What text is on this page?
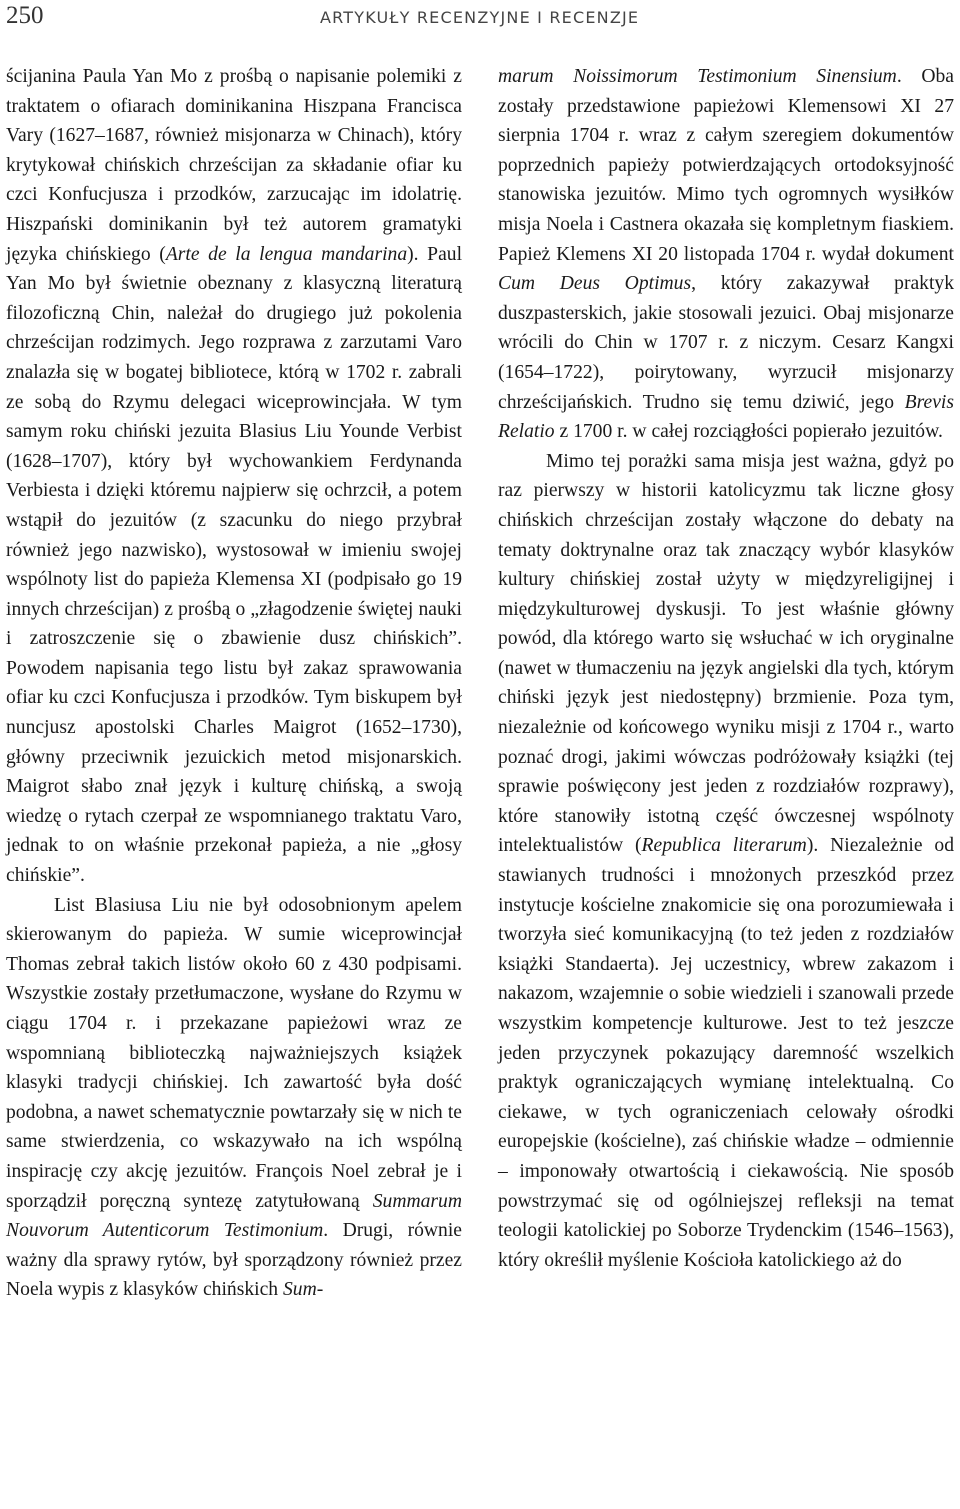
250	ARTYKUŁY RECENZYJNE I RECENZJE

ścijanina Paula Yan Mo z prośbą o napisanie polemiki z traktatem o ofiarach dominikanina Hiszpana Francisca Vary (1627–1687, również misjonarza w Chinach), który krytykował chińskich chrześcijan za składanie ofiar ku czci Konfucjusza i przodków, zarzucając im idolatrię. Hiszpański dominikanin był też autorem gramatyki języka chińskiego (Arte de la lengua mandarina). Paul Yan Mo był świetnie obeznany z klasyczną literaturą filozoficzną Chin, należał do drugiego już pokolenia chrześcijan rodzimych. Jego rozprawa z zarzutami Varo znalazła się w bogatej bibliotece, którą w 1702 r. zabrali ze sobą do Rzymu delegaci wiceprowincjała. W tym samym roku chiński jezuita Blasius Liu Younde Verbist (1628–1707), który był wychowankiem Ferdynanda Verbiesta i dzięki któremu najpierw się ochrzcił, a potem wstąpił do jezuitów (z szacunku do niego przybrał również jego nazwisko), wystosował w imieniu swojej wspólnoty list do papieża Klemensa XI (podpisało go 19 innych chrześcijan) z prośbą o „złagodzenie świętej nauki i zatroszczenie się o zbawienie dusz chińskich”. Powodem napisania tego listu był zakaz sprawowania ofiar ku czci Konfucjusza i przodków. Tym biskupem był nuncjusz apostolski Charles Maigrot (1652–1730), główny przeciwnik jezuickich metod misjonarskich. Maigrot słabo znał język i kulturę chińską, a swoją wiedzę o rytach czerpał ze wspomnianego traktatu Varo, jednak to on właśnie przekonał papieża, a nie „głosy chińskie”.

List Blasiusa Liu nie był odosobnionym apelem skierowanym do papieża. W sumie wiceprowincjał Thomas zebrał takich listów około 60 z 430 podpisami. Wszystkie zostały przetłumaczone, wysłane do Rzymu w ciągu 1704 r. i przekazane papieżowi wraz ze wspomnianą biblioteczką najważniejszych książek klasyki tradycji chińskiej. Ich zawartość była dość podobna, a nawet schematycznie powtarzały się w nich te same stwierdzenia, co wskazywało na ich wspólną inspirację czy akcję jezuitów. François Noel zebrał je i sporządził poręczną syntezę zatytułowaną Summarum Nouvorum Autenticorum Testimonium. Drugi, równie ważny dla sprawy rytów, był sporządzony również przez Noela wypis z klasyków chińskich Sum-

marum Noissimorum Testimonium Sinensium. Oba zostały przedstawione papieżowi Klemensowi XI 27 sierpnia 1704 r. wraz z całym szeregiem dokumentów poprzednich papieży potwierdzających ortodoksyjność stanowiska jezuitów. Mimo tych ogromnych wysiłków misja Noela i Castnera okazała się kompletnym fiaskiem. Papież Klemens XI 20 listopada 1704 r. wydał dokument Cum Deus Optimus, który zakazywał praktyk duszpasterskich, jakie stosowali jezuici. Obaj misjonarze wrócili do Chin w 1707 r. z niczym. Cesarz Kangxi (1654–1722), poirytowany, wyrzucił misjonarzy chrześcijańskich. Trudno się temu dziwić, jego Brevis Relatio z 1700 r. w całej rozciągłości popierało jezuitów.

Mimo tej porażki sama misja jest ważna, gdyż po raz pierwszy w historii katolicyzmu tak liczne głosy chińskich chrześcijan zostały włączone do debaty na tematy doktrynalne oraz tak znaczący wybór klasyków kultury chińskiej został użyty w międzyreligijnej i międzykulturowej dyskusji. To jest właśnie główny powód, dla którego warto się wsłuchać w ich oryginalne (nawet w tłumaczeniu na język angielski dla tych, którym chiński język jest niedostępny) brzmienie. Poza tym, niezależnie od końcowego wyniku misji z 1704 r., warto poznać drogi, jakimi wówczas podróżowały książki (tej sprawie poświęcony jest jeden z rozdziałów rozprawy), które stanowiły istotną część ówczesnej wspólnoty intelektualistów (Republica literarum). Niezależnie od stawianych trudności i mnożonych przeszkód przez instytucje kościelne znakomicie się ona porozumiewała i tworzyła sieć komunikacyjną (to też jeden z rozdziałów książki Standaerta). Jej uczestnicy, wbrew zakazom i nakazom, wzajemnie o sobie wiedzieli i szanowali przede wszystkim kompetencje kulturowe. Jest to też jeszcze jeden przyczynek pokazujący daremność wszelkich praktyk ograniczających wymianę intelektualną. Co ciekawe, w tych ograniczeniach celowały ośrodki europejskie (kościelne), zaś chińskie władze – odmiennie – imponowały otwartością i ciekawością. Nie sposób powstrzymać się od ogólniejszej refleksji na temat teologii katolickiej po Soborze Trydenckim (1546–1563), który określił myślenie Kościoła katolickiego aż do
